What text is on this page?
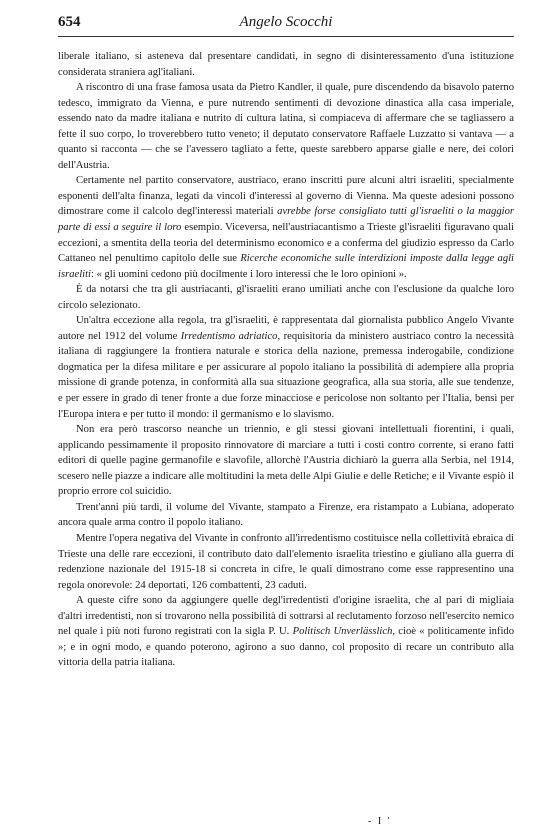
654	Angelo Scocchi

liberale italiano, si astenevа dal presentare candidati, in segno di disinteressamento d'una istituzione considerata straniera agl'italiani.

A riscontro di una frase famosa usata da Pietro Kandler, il quale, pure discendendo da bisavolo paterno tedesco, immigrato da Vienna, e pure nutrendo sentimenti di devozione dinastica alla casa imperiale, essendo nato da madre italiana e nutrito di cultura latina, si compiaceva di affermare che se tagliassero a fette il suo corpo, lo troverebbero tutto veneto; il deputato conservatore Raffaele Luzzatto si vantava — a quanto si racconta — che se l'avessero tagliato a fette, queste sarebbero apparse gialle e nere, dei colori dell'Austria.

Certamente nel partito conservatore, austriaco, erano inscritti pure alcuni altri israeliti, specialmente esponenti dell'alta finanza, legati da vincoli d'interessi al governo di Vienna. Ma queste adesioni possono dimostrare come il calcolo degl'interessi materiali avrebbe forse consigliato tutti gl'israeliti o la maggior parte di essi a seguire il loro esempio. Viceversa, nell'austriacantismo a Trieste gl'israeliti figuravano quali eccezioni, a smentita della teoria del determinismo economico e a conferma del giudizio espresso da Carlo Cattaneo nel penultimo capitolo delle sue Ricerche economiche sulle interdizioni imposte dalla legge agli israeliti: « gli uomini cedono più docilmente i loro interessi che le loro opinioni ».

È da notarsi che tra gli austriacanti, gl'israeliti erano umiliati anche con l'esclusione da qualche loro circolo selezionato.

Un'altra eccezione alla regola, tra gl'israeliti, è rappresentata dal giornalista pubblico Angelo Vivante autore nel 1912 del volume Irredentismo adriatico, requisitoria da ministero austriaco contro la necessità italiana di raggiungere la frontiera naturale e storica della nazione, premessa inderogabile, condizione dogmatica per la difesa militare e per assicurare al popolo italiano la possibilità di adempiere alla propria missione di grande potenza, in conformità alla sua situazione geografica, alla sua storia, alle sue tendenze, e per essere in grado di tener fronte a due forze minacciose e pericolose non soltanto per l'Italia, bensì per l'Europa intera e per tutto il mondo: il germanismo e lo slavismo.

Non era però trascorso neanche un triennio, e gli stessi giovani intellettuali fiorentini, i quali, applicando pessimamente il proposito rinnovatore di marciare a tutti i costi contro corrente, si erano fatti editori di quelle pagine germanofile e slavofile, allorchè l'Austria dichiarò la guerra alla Serbia, nel 1914, scesero nelle piazze a indicare alle moltitudini la meta delle Alpi Giulie e delle Retiche; e il Vivante espiò il proprio errore col suicidio.

Trent'anni più tardi, il volume del Vivante, stampato a Firenze, era ristampato a Lubiana, adoperato ancora quale arma contro il popolo italiano.

Mentre l'opera negativa del Vivante in confronto all'irredentismo costituisce nella collettività ebraica di Trieste una delle rare eccezioni, il contributo dato dall'elemento israelita triestino e giuliano alla guerra di redenzione nazionale del 1915-18 si concreta in cifre, le quali dimostrano come esse rappresentino una regola onorevole: 24 deportati, 126 combattenti, 23 caduti.

A queste cifre sono da aggiungere quelle degl'irredentisti d'origine israelita, che al pari di migliaia d'altri irredentisti, non si trovarono nella possibilità di sottrarsi al reclutamento forzoso nell'esercito nemico nel quale i più noti furono registrati con la sigla P. U. Politisch Unverlässlich, cioè « politicamente infido »; e in ogni modo, e quando poterono, agirono a suo danno, col proposito di recare un contributo alla vittoria della patria italiana.

- I '
